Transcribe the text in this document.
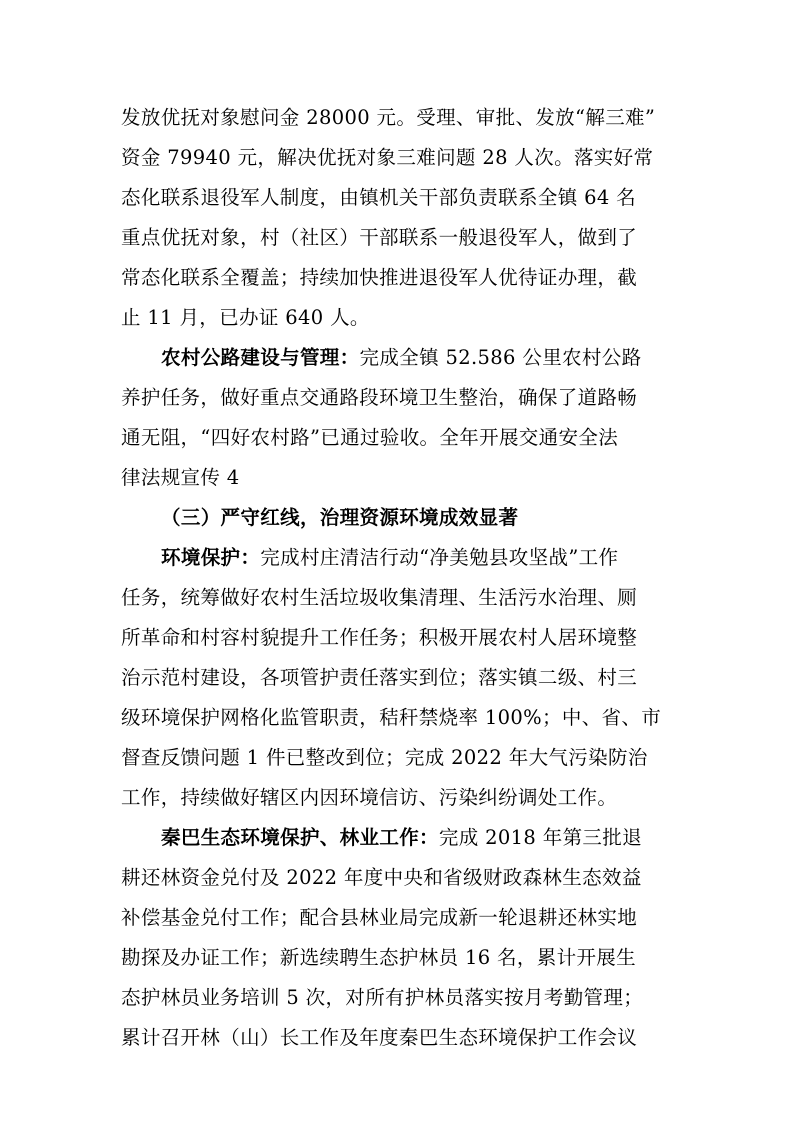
发放优抚对象慰问金 28000 元。受理、审批、发放“解三难”
资金 79940 元，解决优抚对象三难问题 28 人次。落实好常
态化联系退役军人制度，由镇机关干部负责联系全镇 64 名
重点优抚对象，村（社区）干部联系一般退役军人，做到了
常态化联系全覆盖；持续加快推进退役军人优待证办理，截
止 11 月，已办证 640 人。
农村公路建设与管理：完成全镇 52.586 公里农村公路
养护任务，做好重点交通路段环境卫生整治，确保了道路畅
通无阻，“四好农村路”已通过验收。全年开展交通安全法
律法规宣传 4
（三）严守红线，治理资源环境成效显著
环境保护：完成村庄清洁行动“净美勉县攻坚战”工作
任务，统筹做好农村生活垃圾收集清理、生活污水治理、厕
所革命和村容村貌提升工作任务；积极开展农村人居环境整
治示范村建设，各项管护责任落实到位；落实镇二级、村三
级环境保护网格化监管职责，秸秆禁烧率 100%；中、省、市
督查反馈问题 1 件已整改到位；完成 2022 年大气污染防治
工作，持续做好辖区内因环境信访、污染纠纷调处工作。
秦巴生态环境保护、林业工作：完成 2018 年第三批退
耕还林资金兑付及 2022 年度中央和省级财政森林生态效益
补偿基金兑付工作；配合县林业局完成新一轮退耕还林实地
勘探及办证工作；新选续聘生态护林员 16 名，累计开展生
态护林员业务培训 5 次，对所有护林员落实按月考勤管理；
累计召开林（山）长工作及年度秦巴生态环境保护工作会议
